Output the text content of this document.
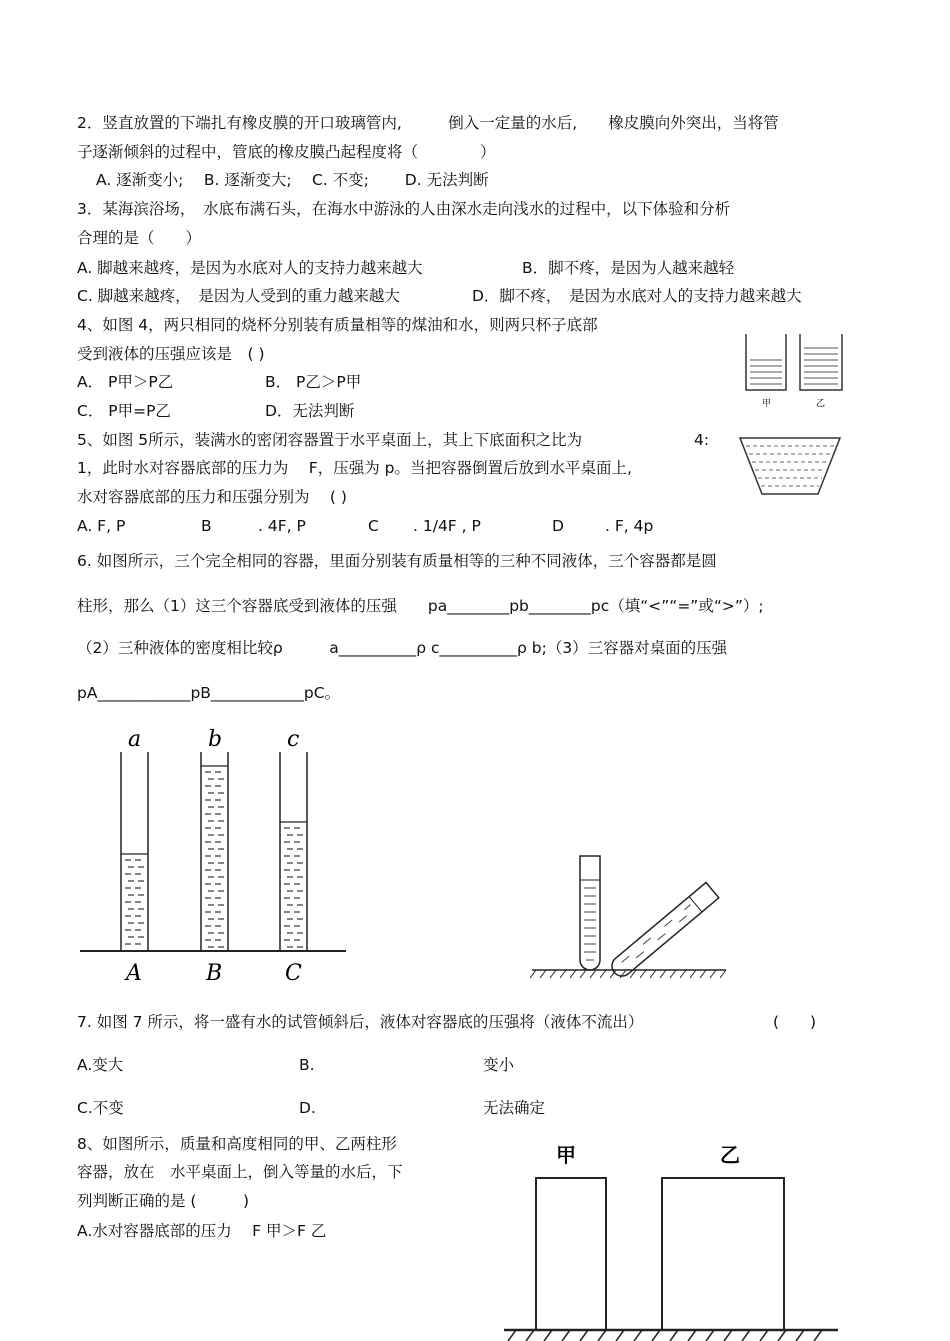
2．竖直放置的下端扎有橡皮膜的开口玻璃管内,　　　倒入一定量的水后,　　橡皮膜向外突出，当将管
子逐渐倾斜的过程中，管底的橡皮膜凸起程度将（　　　　）
A. 逐渐变小;　 B. 逐渐变大;　 C. 不变;　　 D. 无法判断
3．某海滨浴场，　水底布满石头，在海水中游泳的人由深水走向浅水的过程中，以下体验和分析
合理的是（　　）
A. 脚越来越疼，是因为水底对人的支持力越来越大	B．脚不疼，是因为人越来越轻
C. 脚越来越疼，　是因为人受到的重力越来越大	D．脚不疼，　是因为水底对人的支持力越来越大
4、如图 4，两只相同的烧杯分别装有质量相等的煤油和水，则两只杯子底部
受到液体的压强应该是　( )
A． P甲＞P乙	B． P乙＞P甲
C． P甲=P乙	D．无法判断	甲	乙
5、如图 5所示，装满水的密闭容器置于水平桌面上，其上下底面积之比为	4:
1，此时水对容器底部的压力为　 F，压强为 p。当把容器倒置后放到水平桌面上,
水对容器底部的压力和压强分别为　 ( )
A. F, P	B	. 4F, P	C . 1/4F , P	D	. F, 4p
6. 如图所示，三个完全相同的容器，里面分别装有质量相等的三种不同液体，三个容器都是圆
柱形，那么（1）这三个容器底受到液体的压强　　pa________pb________pc（填“<”“=”或“>”）;
（2）三种液体的密度相比较ρ　　　a__________ρ c__________ρ b;（3）三容器对桌面的压强
pA____________pB____________pC。
a	b	c
A	B	C
7. 如图 7 所示，将一盛有水的试管倾斜后，液体对容器底的压强将（液体不流出）	(　　)
A.变大	B.	变小
C.不变	D.	无法确定
8、如图所示，质量和高度相同的甲、乙两柱形
容器，放在　水平桌面上，倒入等量的水后，下
列判断正确的是 (　　　)
A.水对容器底部的压力　 F 甲＞F 乙
甲	乙
